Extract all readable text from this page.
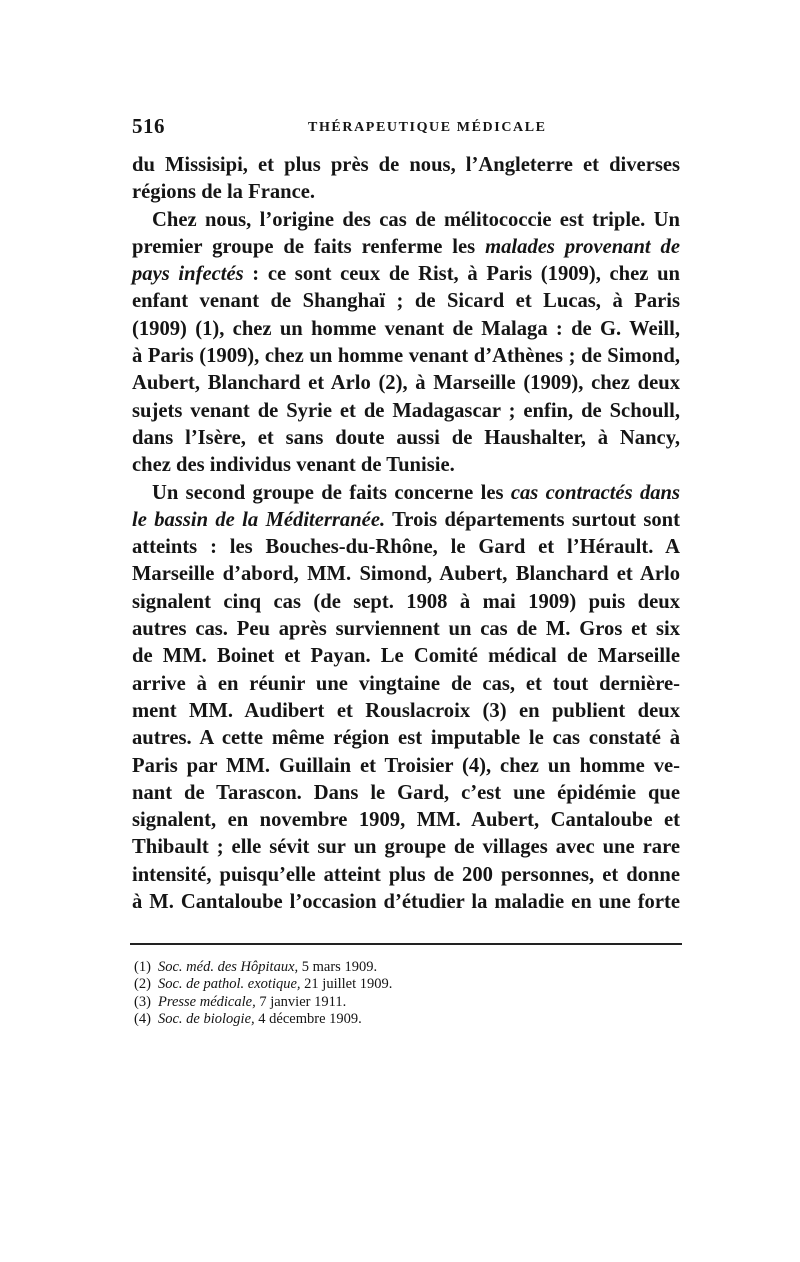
516	THÉRAPEUTIQUE MÉDICALE
du Missisipi, et plus près de nous, l’Angleterre et diverses
régions de la France.
Chez nous, l’origine des cas de mélitococcie est triple. Un
premier groupe de faits renferme les malades provenant de
pays infectés : ce sont ceux de Rist, à Paris (1909), chez un
enfant venant de Shanghaï ; de Sicard et Lucas, à Paris
(1909) (1), chez un homme venant de Malaga : de G. Weill,
à Paris (1909), chez un homme venant d’Athènes ; de Simond,
Aubert, Blanchard et Arlo (2), à Marseille (1909), chez deux
sujets venant de Syrie et de Madagascar ; enfin, de Schoull,
dans l’Isère, et sans doute aussi de Haushalter, à Nancy,
chez des individus venant de Tunisie.
Un second groupe de faits concerne les cas contractés dans
le bassin de la Méditerranée. Trois départements surtout sont
atteints : les Bouches-du-Rhône, le Gard et l’Hérault. A
Marseille d’abord, MM. Simond, Aubert, Blanchard et Arlo
signalent cinq cas (de sept. 1908 à mai 1909) puis deux
autres cas. Peu après surviennent un cas de M. Gros et six
de MM. Boinet et Payan. Le Comité médical de Marseille
arrive à en réunir une vingtaine de cas, et tout dernière-
ment MM. Audibert et Rouslacroix (3) en publient deux
autres. A cette même région est imputable le cas constaté à
Paris par MM. Guillain et Troisier (4), chez un homme ve-
nant de Tarascon. Dans le Gard, c’est une épidémie que
signalent, en novembre 1909, MM. Aubert, Cantaloube et
Thibault ; elle sévit sur un groupe de villages avec une rare
intensité, puisqu’elle atteint plus de 200 personnes, et donne
à M. Cantaloube l’occasion d’étudier la maladie en une forte
(1) Soc. méd. des Hôpitaux, 5 mars 1909.
(2) Soc. de pathol. exotique, 21 juillet 1909.
(3) Presse médicale, 7 janvier 1911.
(4) Soc. de biologie, 4 décembre 1909.
